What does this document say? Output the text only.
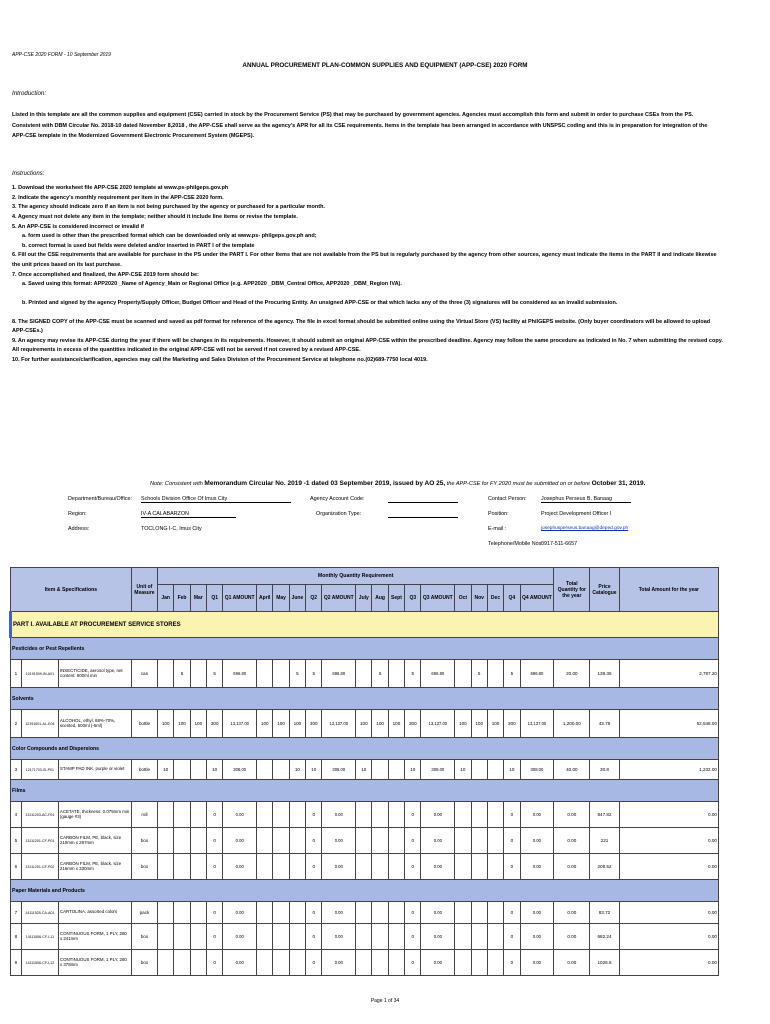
APP-CSE 2020 FORM - 10 September 2019
ANNUAL PROCUREMENT PLAN-COMMON SUPPLIES AND EQUIPMENT (APP-CSE) 2020 FORM
Introduction:
Listed in this template are all the common supplies and equipment (CSE) carried in stock by the Procurement Service (PS) that may be purchased by government agencies. Agencies must accomplish this form and submit in order to purchase CSEs from the PS. Consistent with DBM Circular No. 2018-10 dated November 8,2018 , the APP-CSE shall serve as the agency's APR for all its CSE requirements. Items in the template has been arranged in accordance with UNSPSC coding and this is in preparation for integration of the APP-CSE template in the Modernized Government Electronic Procurement System (MGEPS).
Instructions:

1. Download the worksheet file APP-CSE 2020 template at www.ps-philgeps.gov.ph

2. Indicate the agency's monthly requirement per item in the APP-CSE 2020 form.

3. The agency should indicate zero if an item is not being purchased by the agency or purchased for a particular month.

4. Agency must not delete any item in the template; neither should it include line items or revise the template.

5. An APP-CSE is considered incorrect or invalid if

a. form used is other than the prescribed format which can be downloaded only at www.ps- philgeps.gov.ph and;

b. correct format is used but fields were deleted and/or inserted in PART I of the template

6. Fill out the CSE requirements that are available for purchase in the PS under the PART I. For other Items that are not available from the PS but is regularly purchased by the agency from other sources, agency must indicate the items in the PART II and indicate likewise the unit prices based on its last purchase.

7. Once accomplished and finalized, the APP-CSE 2019 form should be:

a. Saved using this format: APP2020 _Name of Agency_Main or Regional Office (e.g. APP2020 _DBM_Central Office, APP2020 _DBM_Region IVA).

b. Printed and signed by the agency Property/Supply Officer, Budget Officer and Head of the Procuring Entity. An unsigned APP-CSE or that which lacks any of the three (3) signatures will be considered as an invalid submission.

8. The SIGNED COPY of the APP-CSE must be scanned and saved as pdf format for reference of the agency. The file in excel format should be submitted online using the Virtual Store (VS) facility at PhilGEPS website. (Only buyer coordinators will be allowed to upload APP-CSEs.)

9. An agency may revise its APP-CSE during the year if there will be changes in its requirements. However, it should submit an original APP-CSE within the prescribed deadline. Agency may follow the same procedure as indicated in No. 7 when submitting the revised copy.

All requirements in excess of the quantities indicated in the original APP-CSE will not be served if not covered by a revised APP-CSE.

10. For further assistance/clarification, agencies may call the Marketing and Sales Division of the Procurement Service at telephone no.(02)689-7750 local 4019.

Note: Consistent with Memorandum Circular No. 2019 -1 dated 03 September 2019, issued by AO 25, the APP-CSE for FY 2020 must be submitted on or before October 31, 2019.
Department/Bureau/Office: Schools Division Office Of Imus City
Region:	IV-A CALABARZON
Address:	TOCLONG I-C, Imus City
Agency Account Code:
Organization Type:
Contact Person:	Josephus Perseus B. Banaag
Position:	Project Development Officer I
E-mail :	josephusperseus.banaag@deped.gov.ph
Telephone/Mobile Nos:
0917-511-6657
Item & Specifications			Unit of Measure	Monthly Quantity Requirement																				Total Quantity for the year	Price Catalogue	Total Amount for the year
				Jan	Feb	Mar	Q1	Q1 AMOUNT	April	May	June	Q2	Q2 AMOUNT	July	Aug	Sept	Q3	Q3 AMOUNT	Oct	Nov	Dec	Q4	Q4 AMOUNT			
PART I. AVAILABLE AT PROCUREMENT SERVICE STORES																										
Pesticides or Pest Repellents																										
1	10191509-IN-A01	INSECTICIDE, aerosol type, net content: 600ml min	can		5		5	696.80			5	5	696.80		5		5	696.80		5		5	696.80	20.00	139.36	2,787.20
Solvents																										
2	12191601-AL-E04	ALCOHOL, ethyl, 68%-70%, scented, 500ml (-5ml)	bottle	100	100	100	300	13,137.00	100	100	100	300	13,137.00	100	100	100	300	13,137.00	100	100	100	300	13,137.00	1,200.00	43.79	52,548.00
Color Compounds and Dispersions																										
3	12171703-SI-P01	STAMP PAD INK, purple or violet	bottle	10			10	308.00			10	10	308.00	10			10	308.00	10			10	308.00	40.00	30.8	1,232.00
Films																										
4	13111203-AC-F01	ACETATE, thickness: 0.075mm min (gauge #3)	roll				0	0.00				0	0.00				0	0.00				0	0.00	0.00	847.82	0.00
5	13111201-CF-P01	CARBON FILM, PE, black, size 210mm x 297mm	box				0	0.00				0	0.00				0	0.00				0	0.00	0.00	221	0.00
6	13111201-CF-P02	CARBON FILM, PE, black, size 216mm x 330mm	box				0	0.00				0	0.00				0	0.00				0	0.00	0.00	208.52	0.00
Paper Materials and Products																										
7	14111525-CA-A01	CARTOLINA, assorted colors	pack				0	0.00				0	0.00				0	0.00				0	0.00	0.00	83.72	0.00
8	14111506-CF-L11	CONTINUOUS FORM, 1 PLY, 280 x 241mm	box				0	0.00				0	0.00				0	0.00				0	0.00	0.00	682.24	0.00
9	14111506-CF-L12	CONTINUOUS FORM, 1 PLY, 280 x 378mm	box				0	0.00				0	0.00				0	0.00				0	0.00	0.00	1026.6	0.00
Page 1 of 34
